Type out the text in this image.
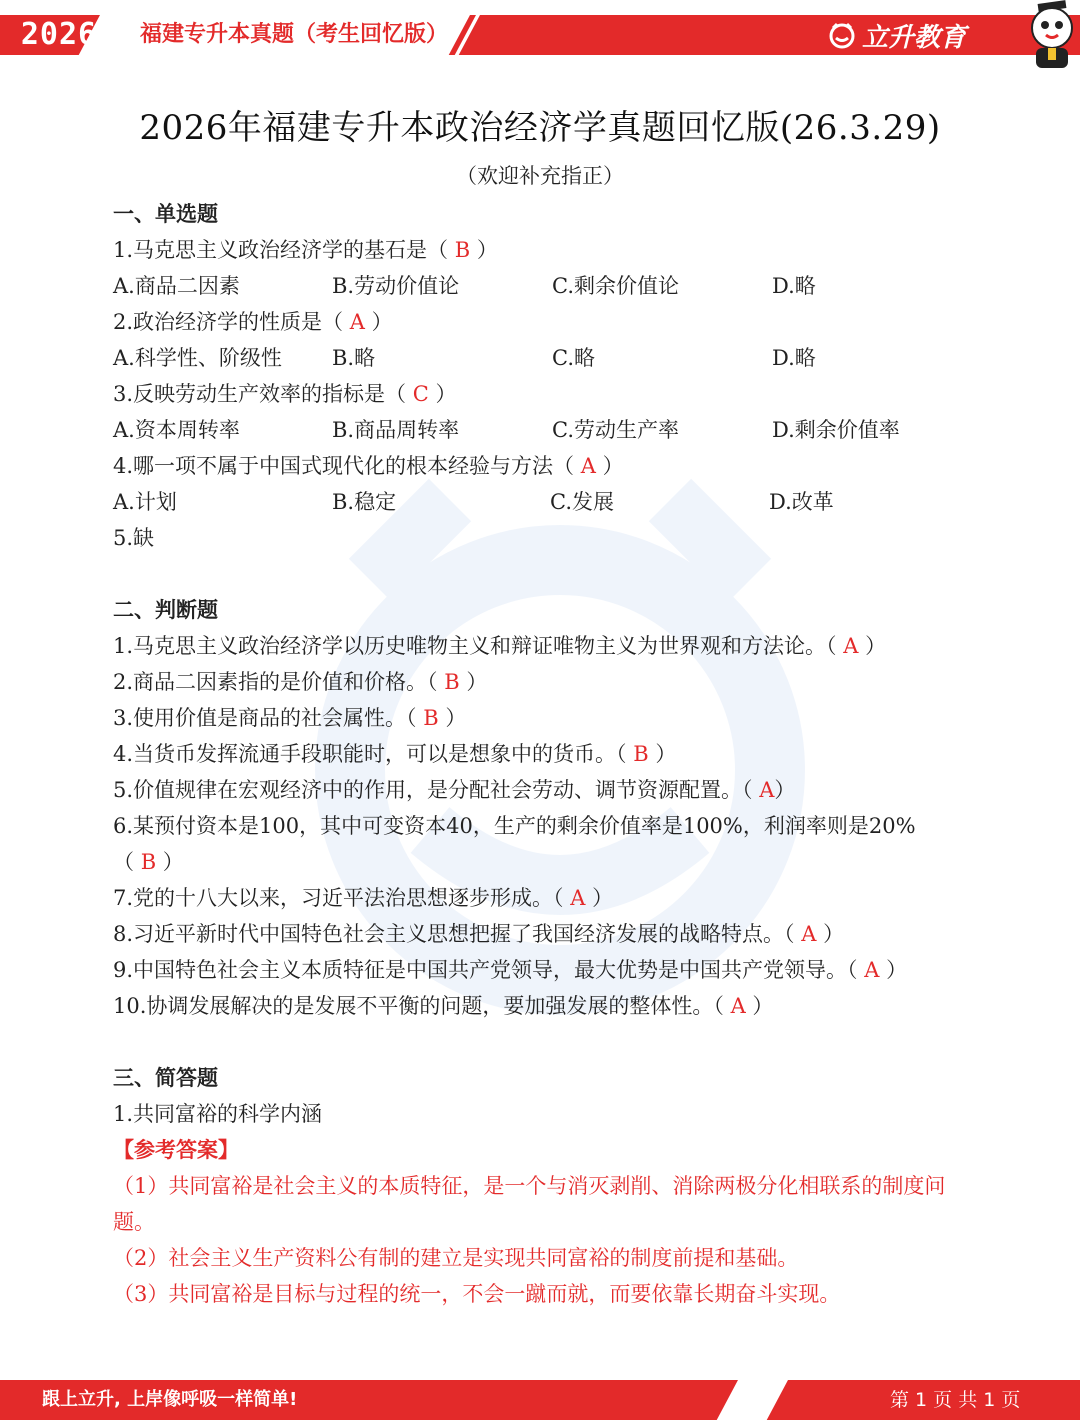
2026	福建专升本真题（考生回忆版）	立升教育
2026年福建专升本政治经济学真题回忆版(26.3.29)
（欢迎补充指正）
一、单选题
1.马克思主义政治经济学的基石是（ B ）
A.商品二因素	B.劳动价值论	C.剩余价值论	D.略
2.政治经济学的性质是（ A ）
A.科学性、阶级性 B.略	C.略	D.略
3.反映劳动生产效率的指标是（ C ）
A.资本周转率	B.商品周转率	C.劳动生产率	D.剩余价值率
4.哪一项不属于中国式现代化的根本经验与方法（ A ）
A.计划	B.稳定	C.发展	D.改革
5.缺
二、判断题
1.马克思主义政治经济学以历史唯物主义和辩证唯物主义为世界观和方法论。（ A ）
2.商品二因素指的是价值和价格。（ B ）
3.使用价值是商品的社会属性。（ B ）
4.当货币发挥流通手段职能时，可以是想象中的货币。（ B ）
5.价值规律在宏观经济中的作用，是分配社会劳动、调节资源配置。（ A）
6.某预付资本是100，其中可变资本40，生产的剩余价值率是100%，利润率则是20%
（ B ）
7.党的十八大以来，习近平法治思想逐步形成。（ A ）
8.习近平新时代中国特色社会主义思想把握了我国经济发展的战略特点。（ A ）
9.中国特色社会主义本质特征是中国共产党领导，最大优势是中国共产党领导。（ A ）
10.协调发展解决的是发展不平衡的问题，要加强发展的整体性。（ A ）
三、简答题
1.共同富裕的科学内涵
【参考答案】
（1）共同富裕是社会主义的本质特征，是一个与消灭剥削、消除两极分化相联系的制度问题。
（2）社会主义生产资料公有制的建立是实现共同富裕的制度前提和基础。
（3）共同富裕是目标与过程的统一，不会一蹴而就，而要依靠长期奋斗实现。
跟上立升, 上岸像呼吸一样简单!	第 1 页 共 1 页
